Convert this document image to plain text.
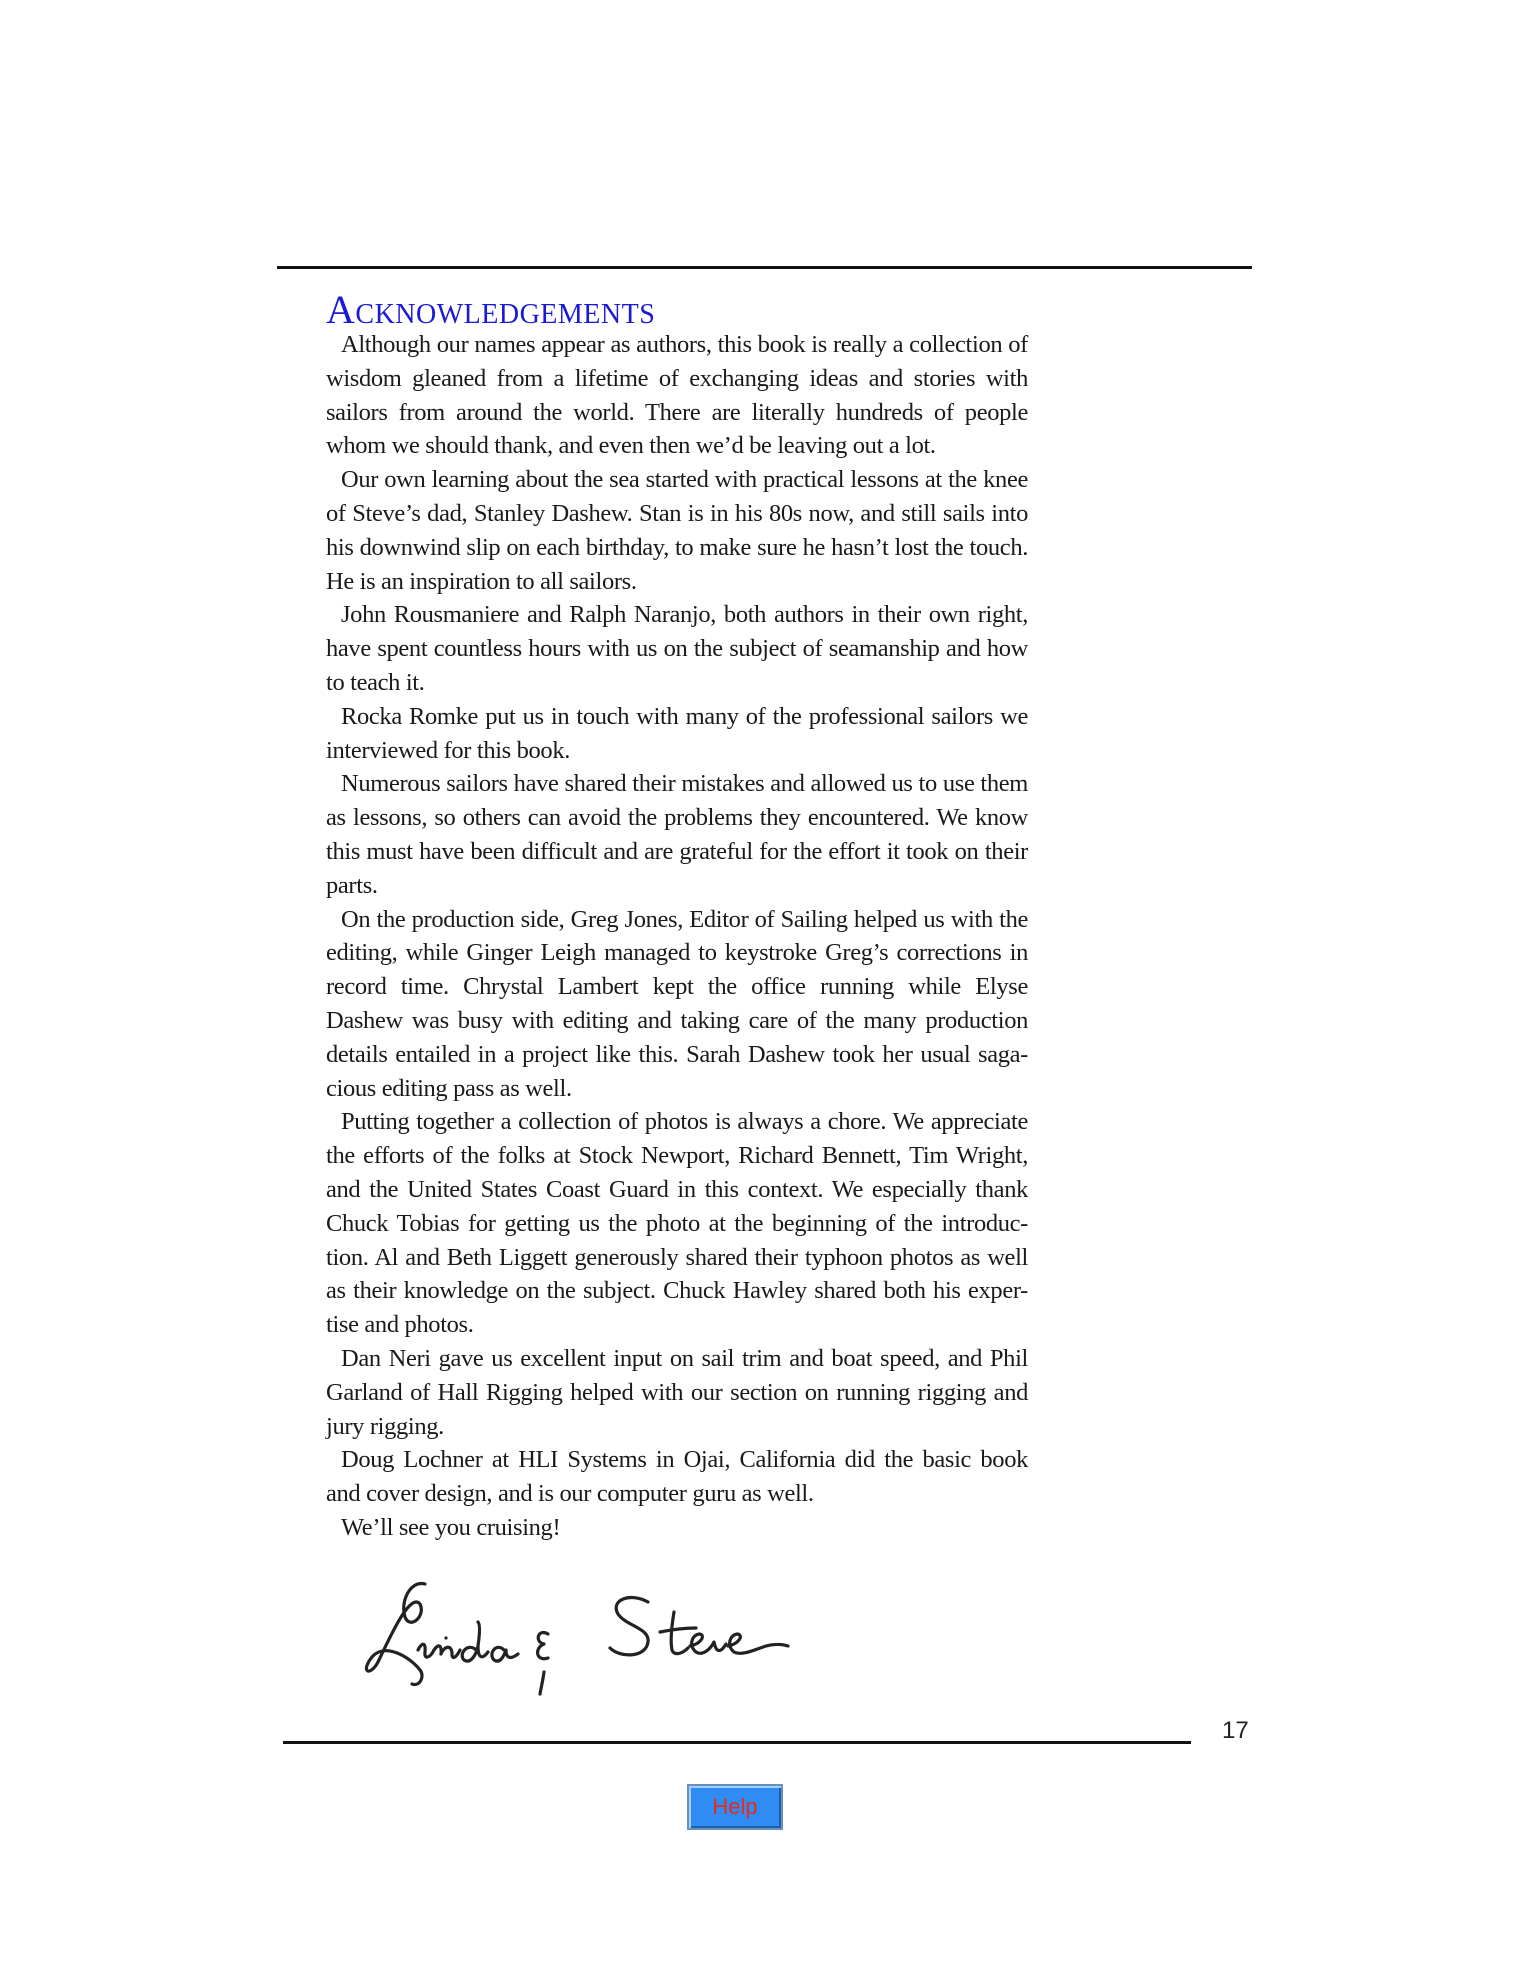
Acknowledgements

Although our names appear as authors, this book is really a collection of wisdom gleaned from a lifetime of exchanging ideas and stories with sailors from around the world. There are literally hundreds of people whom we should thank, and even then we’d be leaving out a lot.

Our own learning about the sea started with practical lessons at the knee of Steve’s dad, Stanley Dashew. Stan is in his 80s now, and still sails into his downwind slip on each birthday, to make sure he hasn’t lost the touch. He is an inspiration to all sailors.

John Rousmaniere and Ralph Naranjo, both authors in their own right, have spent countless hours with us on the subject of seamanship and how to teach it.

Rocka Romke put us in touch with many of the professional sailors we interviewed for this book.

Numerous sailors have shared their mistakes and allowed us to use them as lessons, so others can avoid the problems they encountered. We know this must have been difficult and are grateful for the effort it took on their parts.

On the production side, Greg Jones, Editor of Sailing helped us with the editing, while Ginger Leigh managed to keystroke Greg’s corrections in record time. Chrystal Lambert kept the office running while Elyse Dashew was busy with editing and taking care of the many production details entailed in a project like this. Sarah Dashew took her usual saga-cious editing pass as well.

Putting together a collection of photos is always a chore. We appreciate the efforts of the folks at Stock Newport, Richard Bennett, Tim Wright, and the United States Coast Guard in this context. We especially thank Chuck Tobias for getting us the photo at the beginning of the introduc-tion. Al and Beth Liggett generously shared their typhoon photos as well as their knowledge on the subject. Chuck Hawley shared both his exper-tise and photos.

Dan Neri gave us excellent input on sail trim and boat speed, and Phil Garland of Hall Rigging helped with our section on running rigging and jury rigging.

Doug Lochner at HLI Systems in Ojai, California did the basic book and cover design, and is our computer guru as well.

We’ll see you cruising!

17
Help
